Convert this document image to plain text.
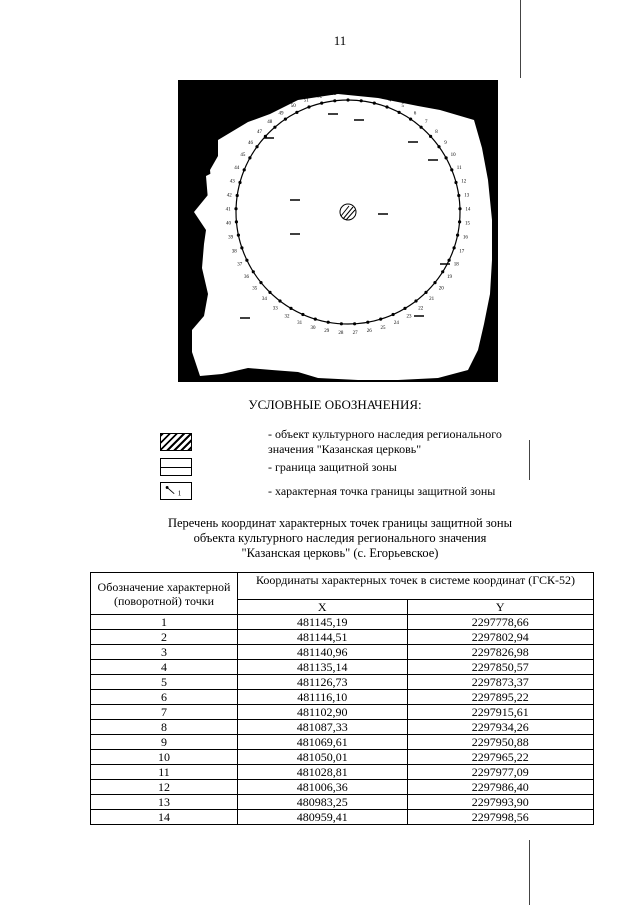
11
1 2
3
4
5
6
7
8
9
10
11
12
13
14
15
16
17
18
19
20
21
22
23
24
25
26
27
28
29
30
31
32
33
34
35
36
37
38
39
40
41
42
43
44
45
46
47
48
49
50
51
52
53
N
УСЛОВНЫЕ ОБОЗНАЧЕНИЯ:
- объект культурного наследия регионального
значения "Казанская церковь"
- граница защитной зоны
1	- характерная точка границы защитной зоны
Перечень координат характерных точек границы защитной зоны
объекта культурного наследия регионального значения
"Казанская церковь" (с. Егорьевское)
Обозначение характерной (поворотной) точки	Координаты характерных точек в системе координат (ГСК-52)	
	X	Y
1	481145,19	2297778,66
2	481144,51	2297802,94
3	481140,96	2297826,98
4	481135,14	2297850,57
5	481126,73	2297873,37
6	481116,10	2297895,22
7	481102,90	2297915,61
8	481087,33	2297934,26
9	481069,61	2297950,88
10	481050,01	2297965,22
11	481028,81	2297977,09
12	481006,36	2297986,40
13	480983,25	2297993,90
14	480959,41	2297998,56
